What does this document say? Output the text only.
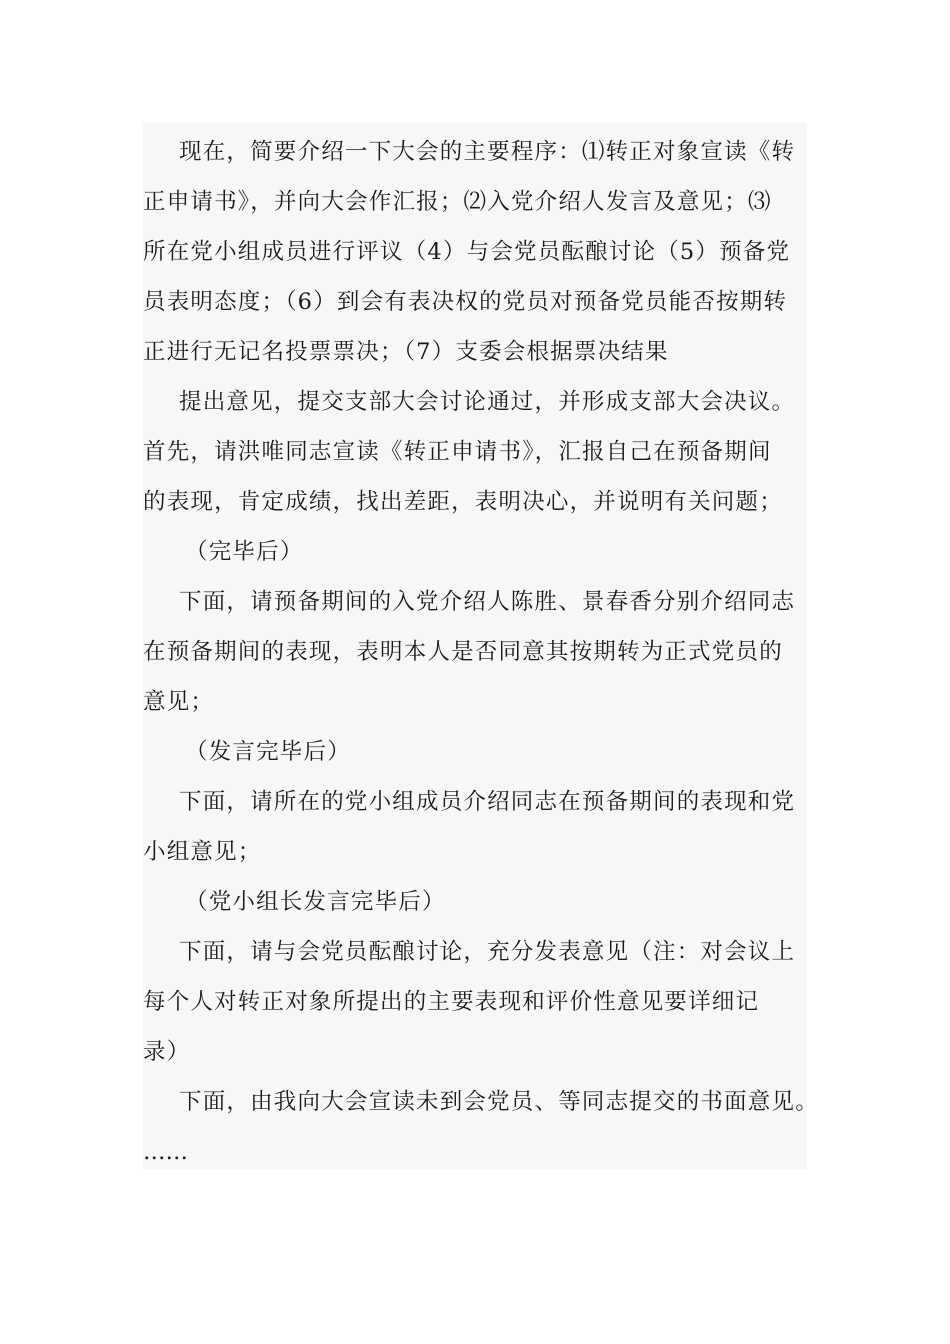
现在，简要介绍一下大会的主要程序：⑴转正对象宣读《转
正申请书》，并向大会作汇报；⑵入党介绍人发言及意见；⑶
所在党小组成员进行评议（4）与会党员酝酿讨论（5）预备党
员表明态度；（6）到会有表决权的党员对预备党员能否按期转
正进行无记名投票票决；（7）支委会根据票决结果

提出意见，提交支部大会讨论通过，并形成支部大会决议。
首先，请洪唯同志宣读《转正申请书》，汇报自己在预备期间
的表现，肯定成绩，找出差距，表明决心，并说明有关问题；

（完毕后）

下面，请预备期间的入党介绍人陈胜、景春香分别介绍同志
在预备期间的表现，表明本人是否同意其按期转为正式党员的
意见；

（发言完毕后）

下面，请所在的党小组成员介绍同志在预备期间的表现和党
小组意见；

（党小组长发言完毕后）

下面，请与会党员酝酿讨论，充分发表意见（注：对会议上
每个人对转正对象所提出的主要表现和评价性意见要详细记
录）

下面，由我向大会宣读未到会党员、等同志提交的书面意见。

……
